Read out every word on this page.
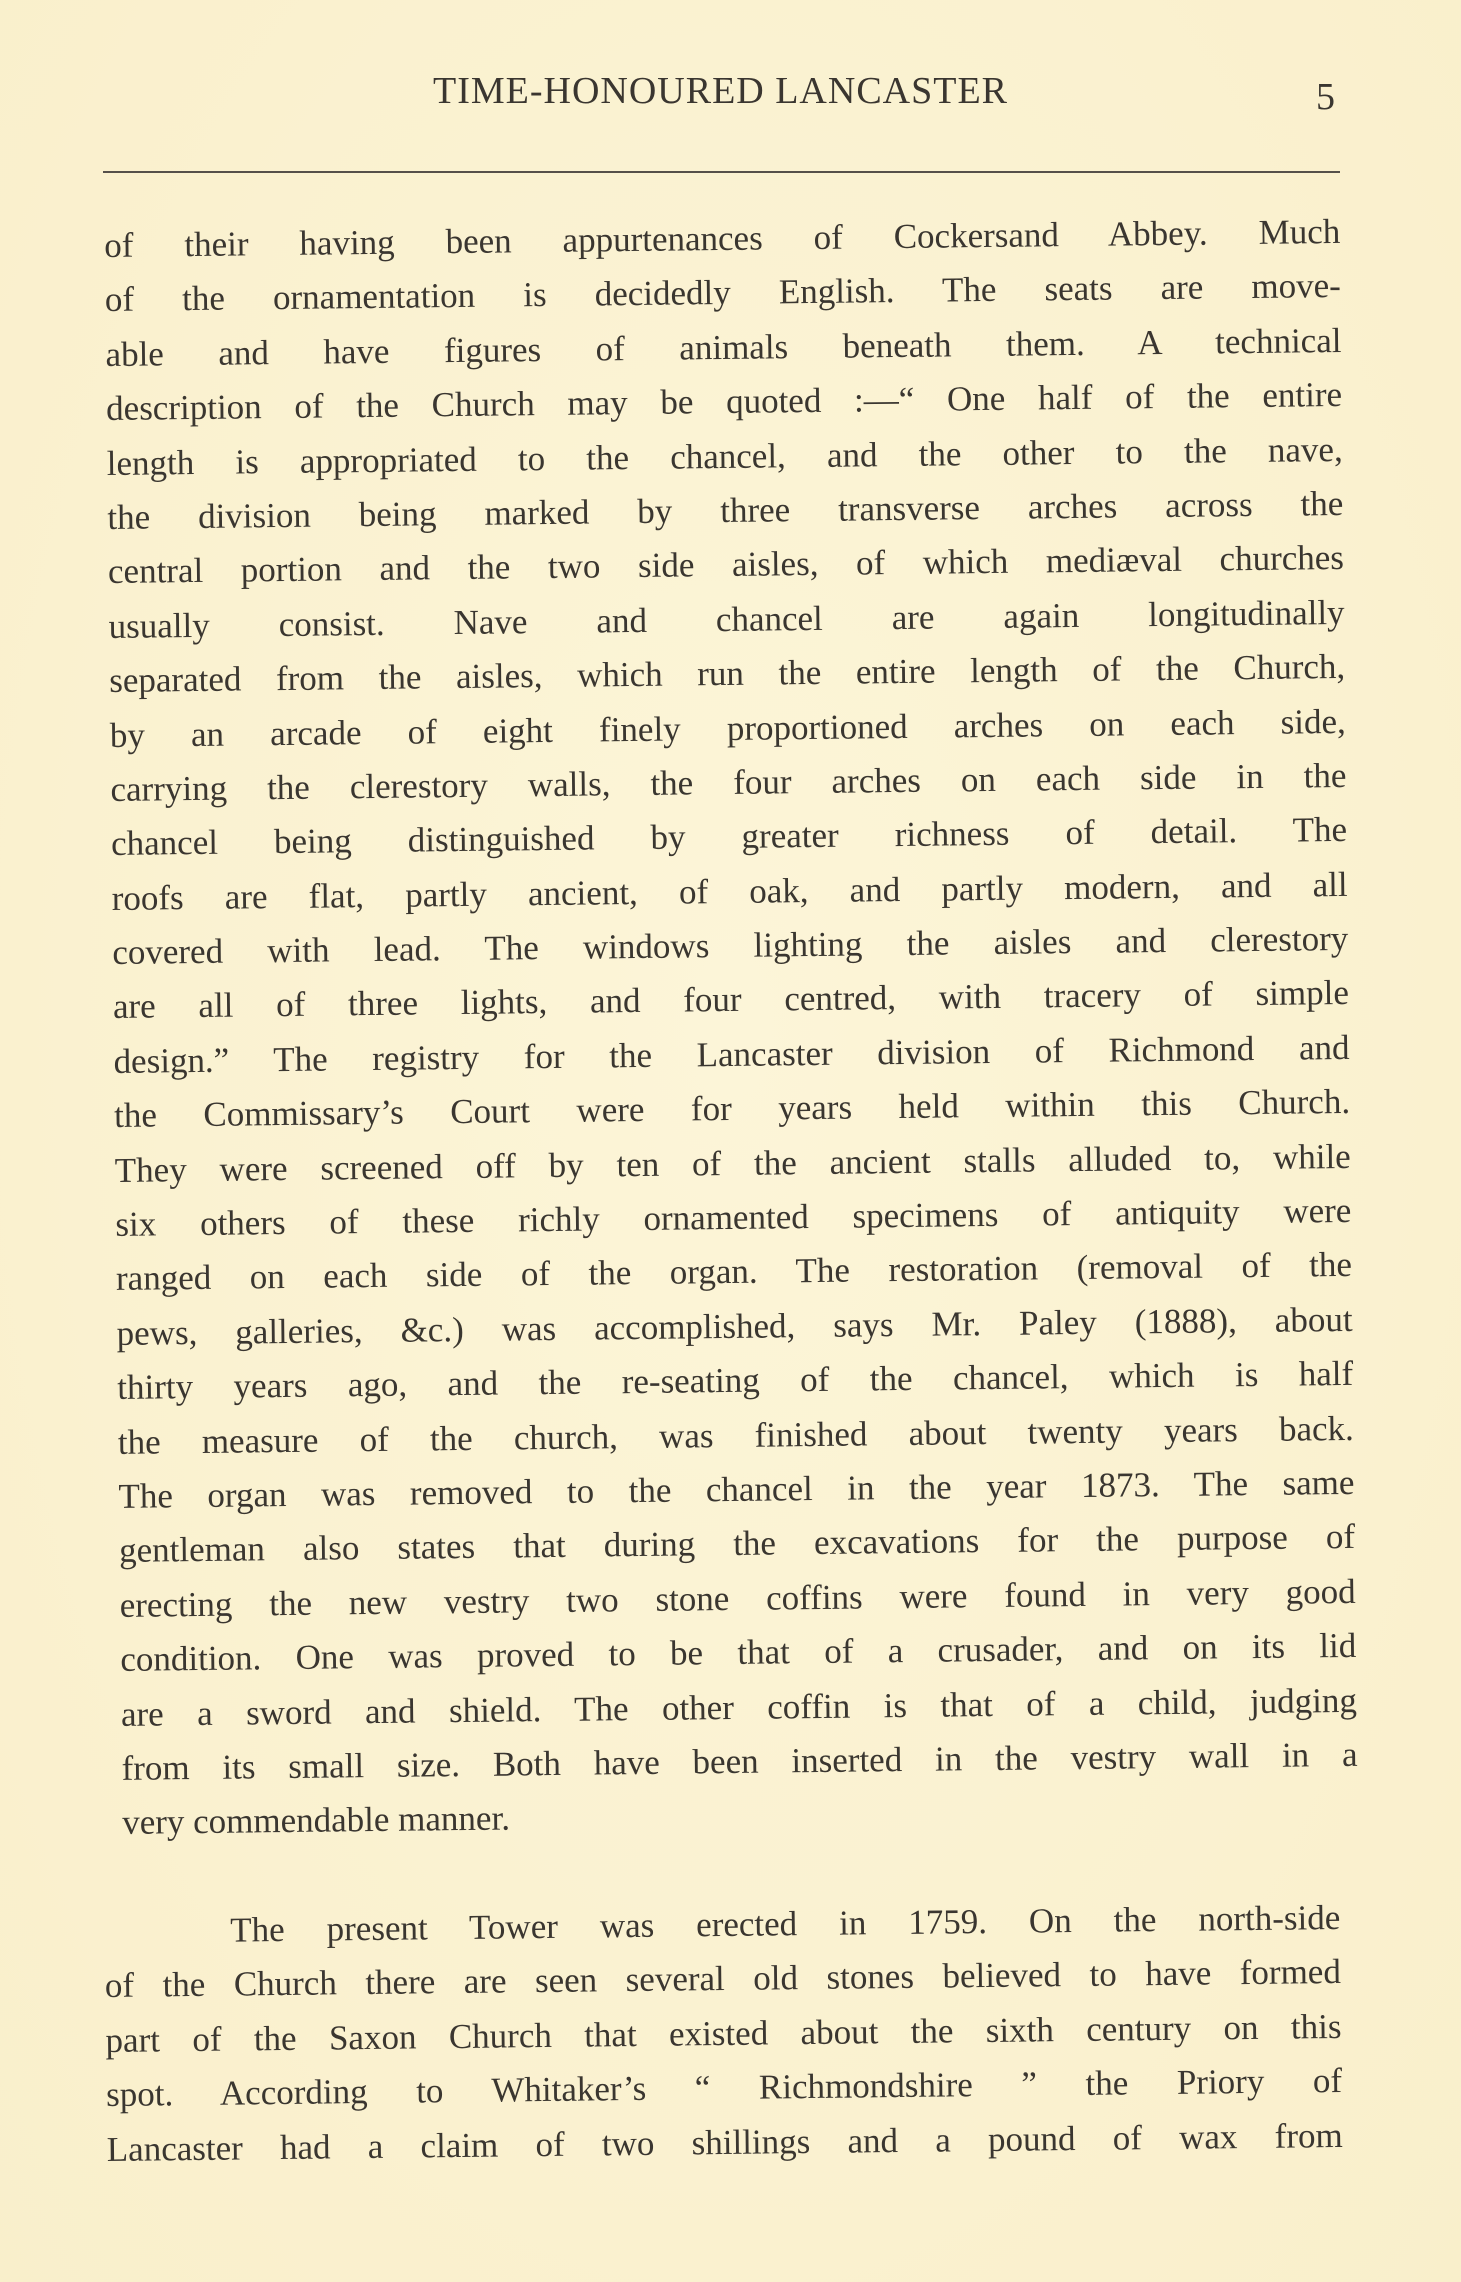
TIME-HONOURED LANCASTER	5
of their having been appurtenances of Cockersand Abbey. Much
of the ornamentation is decidedly English. The seats are move-
able and have figures of animals beneath them. A technical
description of the Church may be quoted :—“ One half of the entire
length is appropriated to the chancel, and the other to the nave,
the division being marked by three transverse arches across the
central portion and the two side aisles, of which mediæval churches
usually consist. Nave and chancel are again longitudinally
separated from the aisles, which run the entire length of the Church,
by an arcade of eight finely proportioned arches on each side,
carrying the clerestory walls, the four arches on each side in the
chancel being distinguished by greater richness of detail. The
roofs are flat, partly ancient, of oak, and partly modern, and all
covered with lead. The windows lighting the aisles and clerestory
are all of three lights, and four centred, with tracery of simple
design.” The registry for the Lancaster division of Richmond and
the Commissary’s Court were for years held within this Church.
They were screened off by ten of the ancient stalls alluded to, while
six others of these richly ornamented specimens of antiquity were
ranged on each side of the organ. The restoration (removal of the
pews, galleries, &c.) was accomplished, says Mr. Paley (1888), about
thirty years ago, and the re-seating of the chancel, which is half
the measure of the church, was finished about twenty years back.
The organ was removed to the chancel in the year 1873. The same
gentleman also states that during the excavations for the purpose of
erecting the new vestry two stone coffins were found in very good
condition. One was proved to be that of a crusader, and on its lid
are a sword and shield. The other coffin is that of a child, judging
from its small size. Both have been inserted in the vestry wall in a
very commendable manner.
The present Tower was erected in 1759. On the north-side
of the Church there are seen several old stones believed to have formed
part of the Saxon Church that existed about the sixth century on this
spot. According to Whitaker’s “ Richmondshire ” the Priory of
Lancaster had a claim of two shillings and a pound of wax from
